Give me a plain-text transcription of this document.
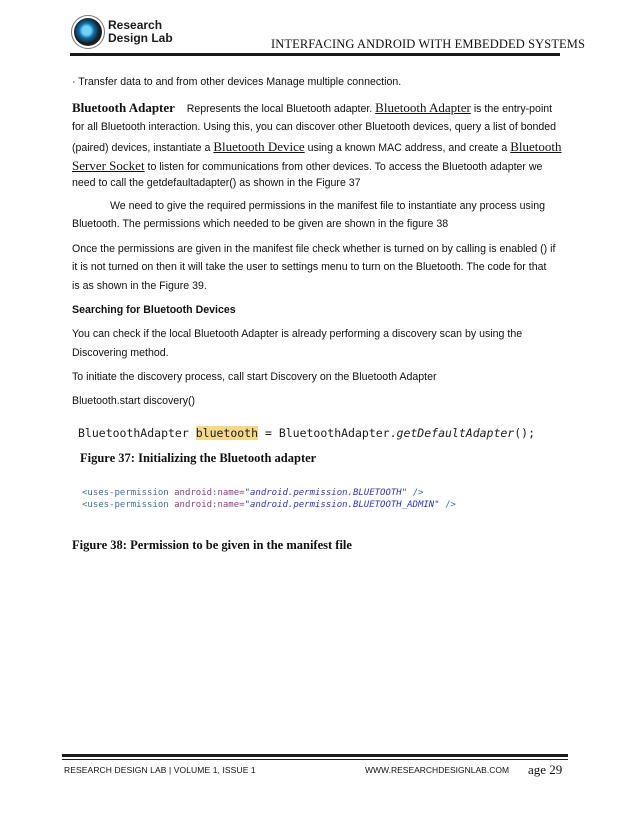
Research
Design Lab	INTERFACING ANDROID WITH EMBEDDED SYSTEMS
· Transfer data to and from other devices Manage multiple connection.
Bluetooth Adapter Represents the local Bluetooth adapter. Bluetooth Adapter is the entry-point
for all Bluetooth interaction. Using this, you can discover other Bluetooth devices, query a list of bonded
(paired) devices, instantiate a Bluetooth Device using a known MAC address, and create a Bluetooth
Server Socket to listen for communications from other devices. To access the Bluetooth adapter we
need to call the getdefaultadapter() as shown in the Figure 37
We need to give the required permissions in the manifest file to instantiate any process using
Bluetooth. The permissions which needed to be given are shown in the figure 38
Once the permissions are given in the manifest file check whether is turned on by calling is enabled () if
it is not turned on then it will take the user to settings menu to turn on the Bluetooth. The code for that
is as shown in the Figure 39.
Searching for Bluetooth Devices
You can check if the local Bluetooth Adapter is already performing a discovery scan by using the
Discovering method.
To initiate the discovery process, call start Discovery on the Bluetooth Adapter
Bluetooth.start discovery()
BluetoothAdapter bluetooth = BluetoothAdapter.getDefaultAdapter();
Figure 37: Initializing the Bluetooth adapter
<uses-permission android:name="android.permission.BLUETOOTH" />
<uses-permission android:name="android.permission.BLUETOOTH_ADMIN" />
Figure 38: Permission to be given in the manifest file
RESEARCH DESIGN LAB | VOLUME 1, ISSUE 1	WWW.RESEARCHDESIGNLAB.COM age 29
